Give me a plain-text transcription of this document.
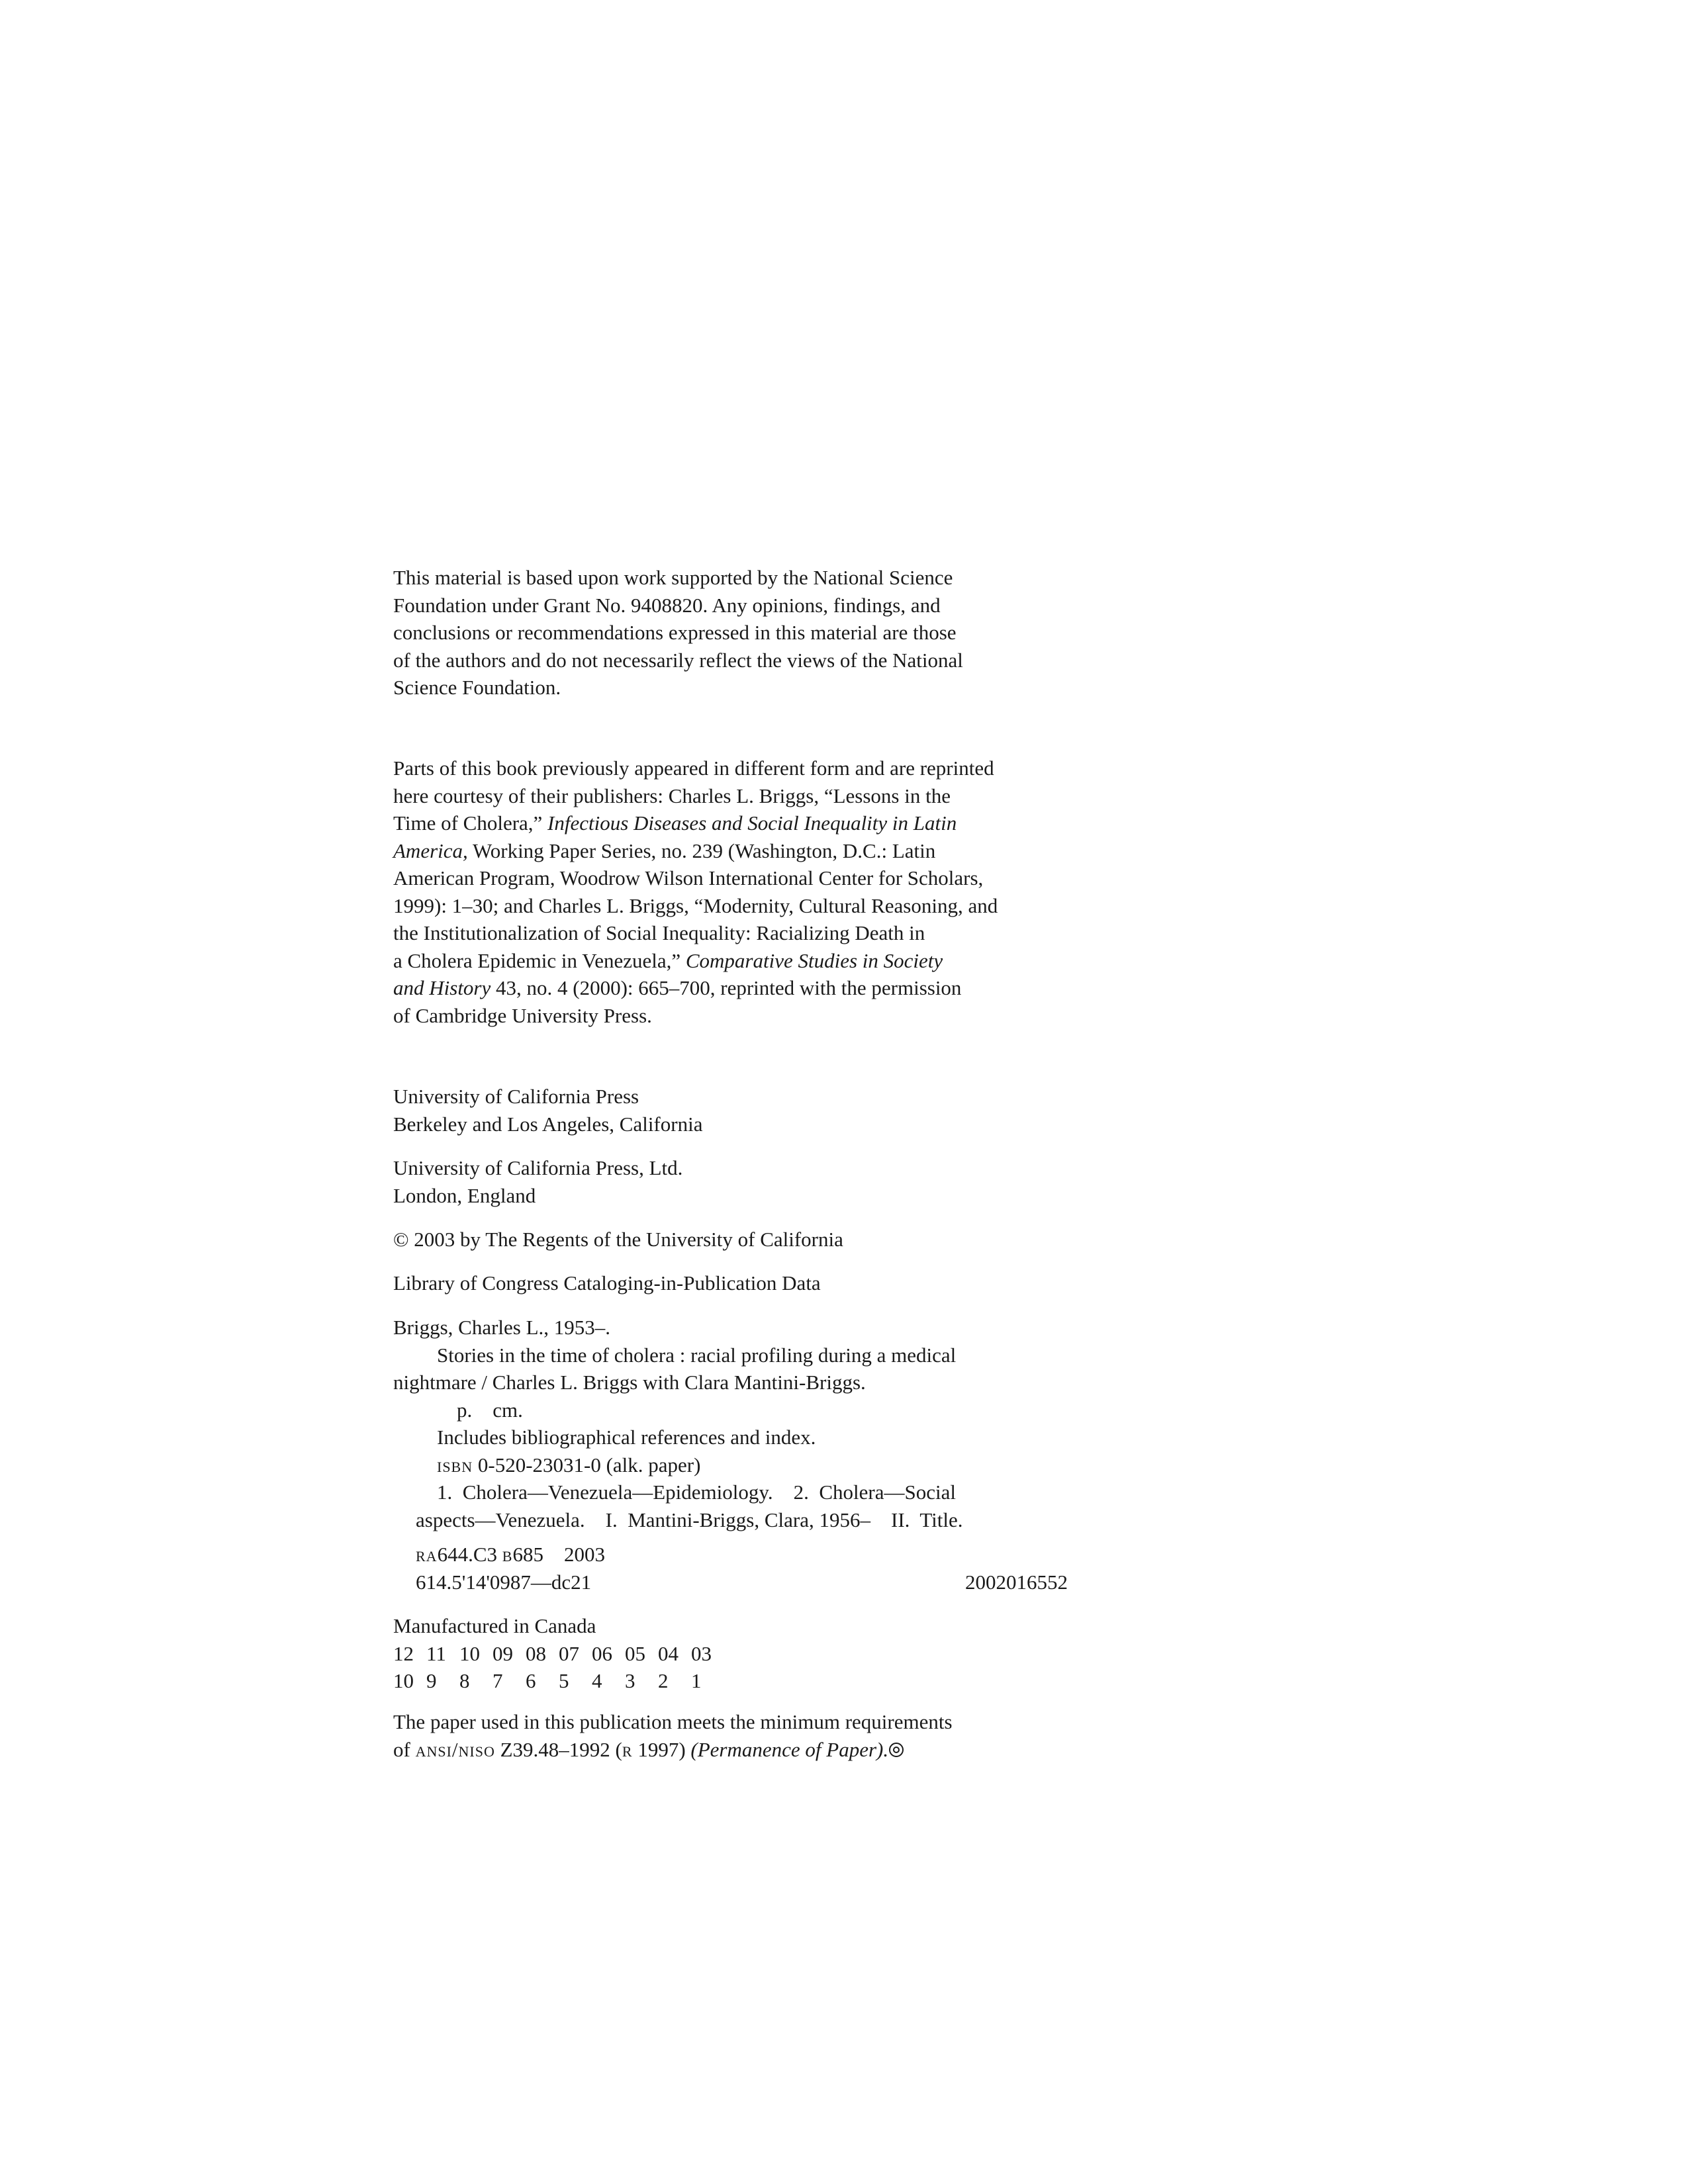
This material is based upon work supported by the National Science

Foundation under Grant No. 9408820. Any opinions, findings, and

conclusions or recommendations expressed in this material are those

of the authors and do not necessarily reflect the views of the National

Science Foundation.

Parts of this book previously appeared in different form and are reprinted

here courtesy of their publishers: Charles L. Briggs, “Lessons in the

Time of Cholera,” Infectious Diseases and Social Inequality in Latin

America, Working Paper Series, no. 239 (Washington, D.C.: Latin

American Program, Woodrow Wilson International Center for Scholars,

1999): 1–30; and Charles L. Briggs, “Modernity, Cultural Reasoning, and

the Institutionalization of Social Inequality: Racializing Death in

a Cholera Epidemic in Venezuela,” Comparative Studies in Society

and History 43, no. 4 (2000): 665–700, reprinted with the permission

of Cambridge University Press.

University of California Press

Berkeley and Los Angeles, California

University of California Press, Ltd.

London, England

© 2003 by The Regents of the University of California

Library of Congress Cataloging-in-Publication Data

Briggs, Charles L., 1953–.

Stories in the time of cholera : racial profiling during a medical

nightmare / Charles L. Briggs with Clara Mantini-Briggs.

p.    cm.

Includes bibliographical references and index.

isbn 0-520-23031-0 (alk. paper)

1.  Cholera—Venezuela—Epidemiology.    2.  Cholera—Social

aspects—Venezuela.    I.  Mantini-Briggs, Clara, 1956–    II.  Title.

ra644.C3 b685    2003

614.5'14'0987—dc21	2002016552

Manufactured in Canada

12 11 10 09 08 07 06 05 04 03

10 9 8 7 6 5 4 3 2 1

The paper used in this publication meets the minimum requirements

of ansi/niso Z39.48–1992 (r 1997) (Permanence of Paper).
